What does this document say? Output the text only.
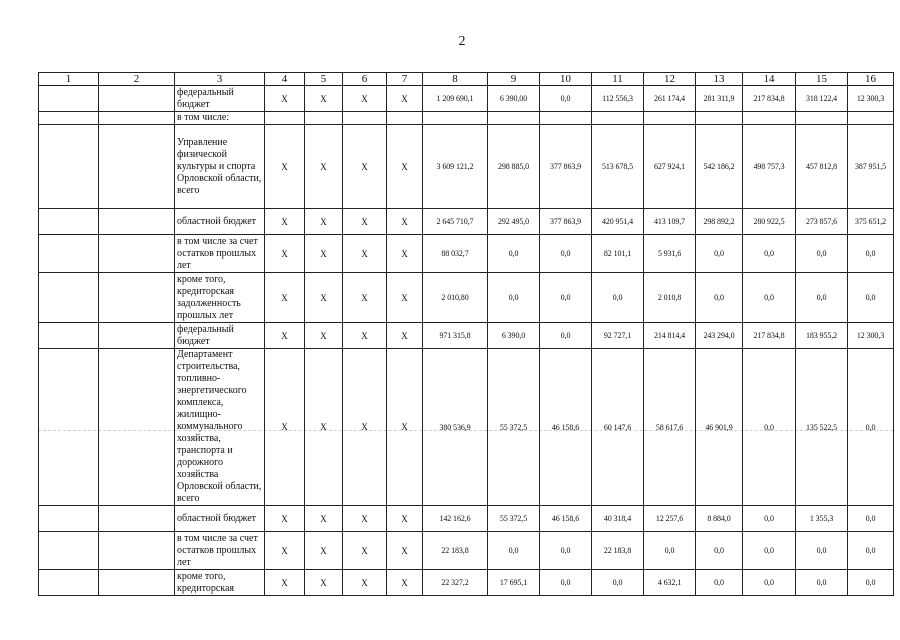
2
1	2	3	4	5	6	7	8	9	10	11	12	13	14	15	16
		федеральный бюджет	X	X	X	X	1 209 690,1	6 390,00	0,0	112 556,3	261 174,4	281 311,9	217 834,8	318 122,4	12 300,3
		в том числе:													
		Управление физической культуры и спорта Орловской области, всего	X	X	X	X	3 609 121,2	298 885,0	377 863,9	513 678,5	627 924,1	542 186,2	498 757,3	457 812,8	387 951,5
		областной бюджет	X	X	X	X	2 645 710,7	292 495,0	377 863,9	420 951,4	413 109,7	298 892,2	280 922,5	273 857,6	375 651,2
		в том числе за счет остатков прошлых лет	X	X	X	X	88 032,7	0,0	0,0	82 101,1	5 931,6	0,0	0,0	0,0	0,0
		кроме того, кредиторская задолженность прошлых лет	X	X	X	X	2 010,80	0,0	0,0	0,0	2 010,8	0,0	0,0	0,0	0,0
		федеральный бюджет	X	X	X	X	971 315,8	6 390,0	0,0	92 727,1	214 814,4	243 294,0	217 834,8	183 955,2	12 300,3
		Департамент строительства, топливно-энергетического комплекса, жилищно-коммунального хозяйства, транспорта и дорожного хозяйства Орловской области, всего	X	X	X	X	380 536,9	55 372,5	46 158,6	60 147,6	58 617,6	46 901,9	0,0	135 522,5	0,0
		областной бюджет	X	X	X	X	142 162,6	55 372,5	46 158,6	40 318,4	12 257,6	8 884,0	0,0	1 355,3	0,0
		в том числе за счет остатков прошлых лет	X	X	X	X	22 183,8	0,0	0,0	22 183,8	0,0	0,0	0,0	0,0	0,0
		кроме того, кредиторская	X	X	X	X	22 327,2	17 695,1	0,0	0,0	4 632,1	0,0	0,0	0,0	0,0
